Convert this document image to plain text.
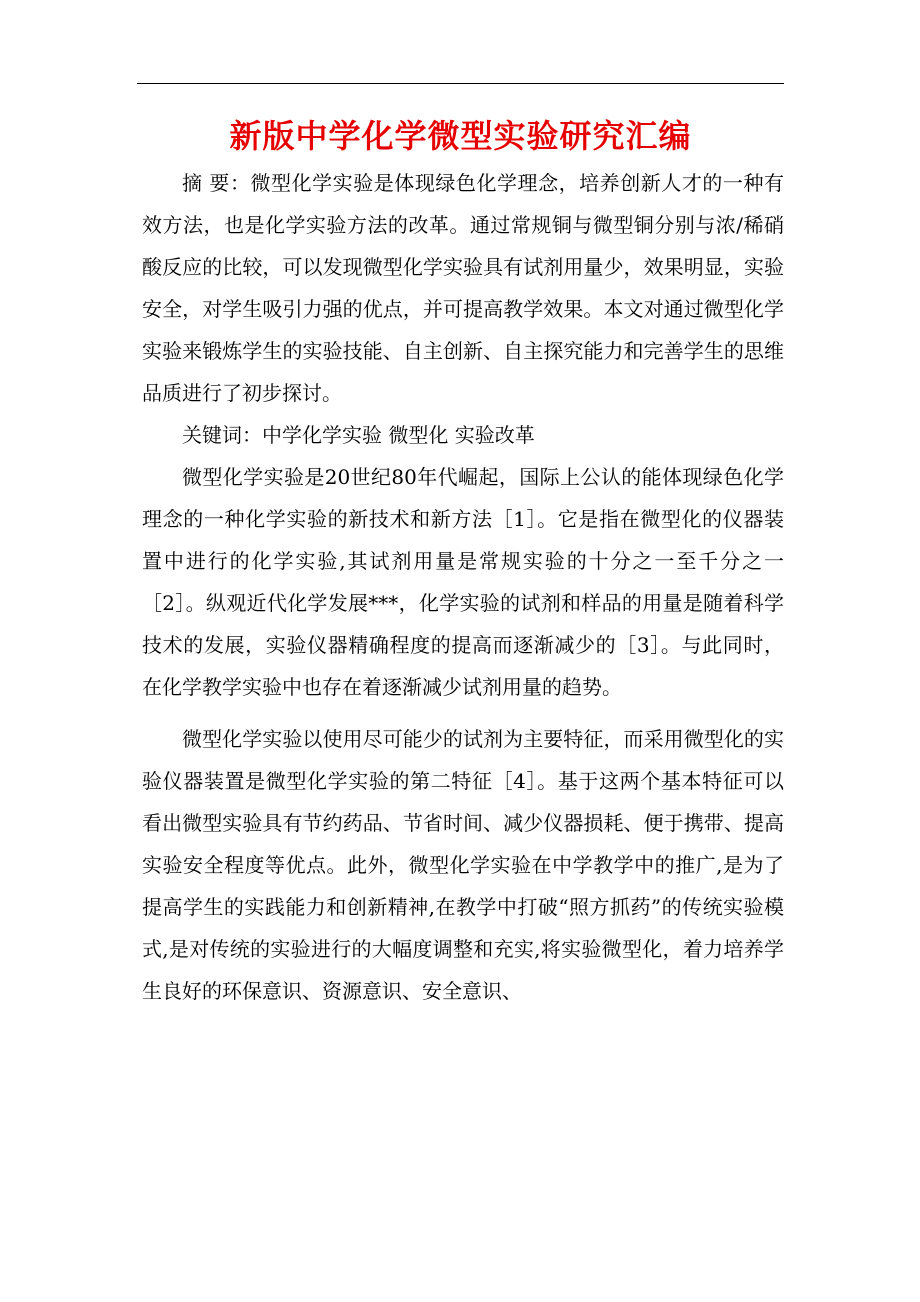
新版中学化学微型实验研究汇编

摘 要：微型化学实验是体现绿色化学理念，培养创新人才的一种有效方法，也是化学实验方法的改革。通过常规铜与微型铜分别与浓/稀硝酸反应的比较，可以发现微型化学实验具有试剂用量少，效果明显，实验安全，对学生吸引力强的优点，并可提高教学效果。本文对通过微型化学实验来锻炼学生的实验技能、自主创新、自主探究能力和完善学生的思维品质进行了初步探讨。

关键词：中学化学实验 微型化 实验改革

微型化学实验是20世纪80年代崛起，国际上公认的能体现绿色化学理念的一种化学实验的新技术和新方法［1］。它是指在微型化的仪器装置中进行的化学实验,其试剂用量是常规实验的十分之一至千分之一［2］。纵观近代化学发展***，化学实验的试剂和样品的用量是随着科学技术的发展，实验仪器精确程度的提高而逐渐减少的［3］。与此同时，在化学教学实验中也存在着逐渐减少试剂用量的趋势。

微型化学实验以使用尽可能少的试剂为主要特征，而采用微型化的实验仪器装置是微型化学实验的第二特征［4］。基于这两个基本特征可以看出微型实验具有节约药品、节省时间、减少仪器损耗、便于携带、提高实验安全程度等优点。此外，微型化学实验在中学教学中的推广,是为了提高学生的实践能力和创新精神,在教学中打破“照方抓药”的传统实验模式,是对传统的实验进行的大幅度调整和充实,将实验微型化，着力培养学生良好的环保意识、资源意识、安全意识、
